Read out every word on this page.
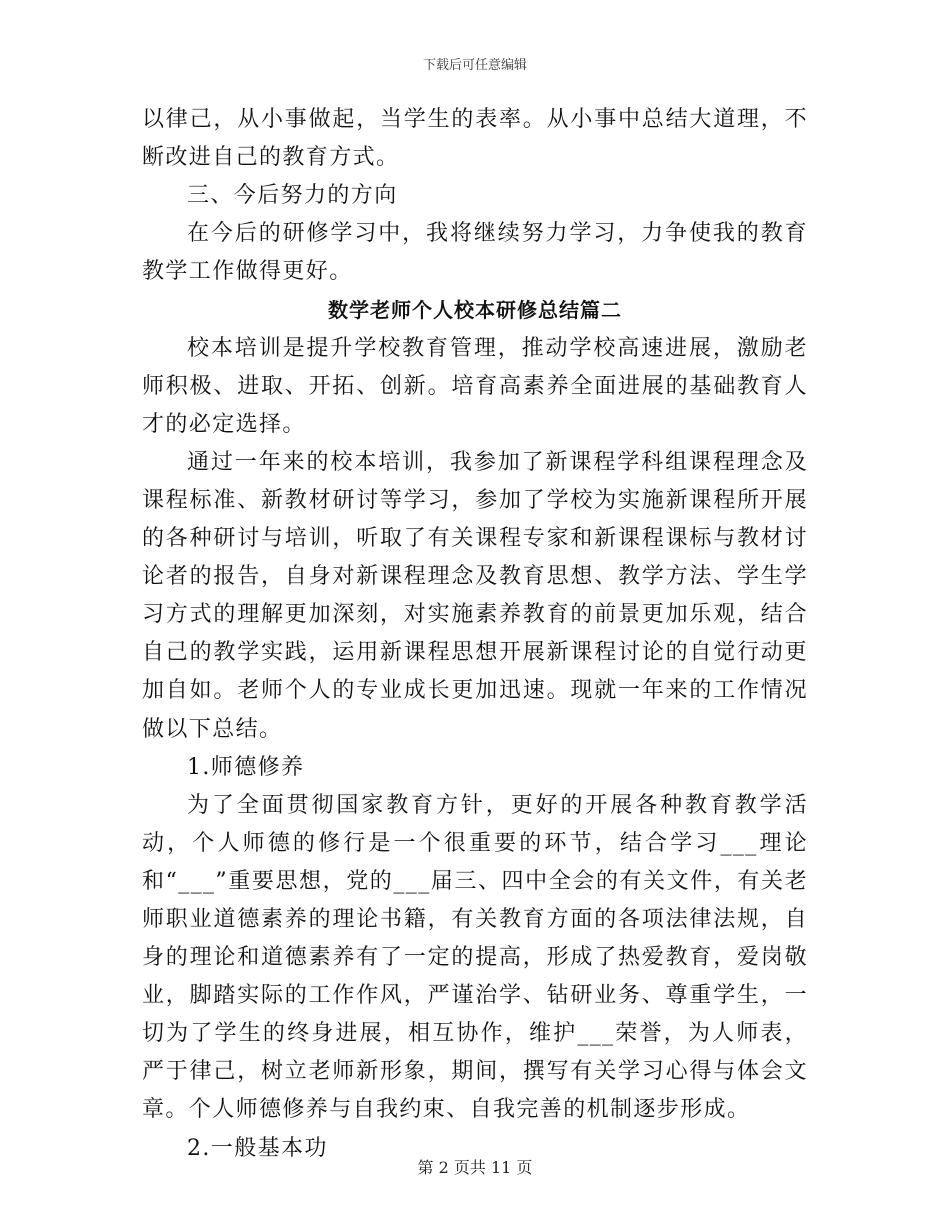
下载后可任意编辑

以律己，从小事做起，当学生的表率。从小事中总结大道理，不断改进自己的教育方式。

三、今后努力的方向

在今后的研修学习中，我将继续努力学习，力争使我的教育教学工作做得更好。

数学老师个人校本研修总结篇二

校本培训是提升学校教育管理，推动学校高速进展，激励老师积极、进取、开拓、创新。培育高素养全面进展的基础教育人才的必定选择。

通过一年来的校本培训，我参加了新课程学科组课程理念及课程标准、新教材研讨等学习，参加了学校为实施新课程所开展的各种研讨与培训，听取了有关课程专家和新课程课标与教材讨论者的报告，自身对新课程理念及教育思想、教学方法、学生学习方式的理解更加深刻，对实施素养教育的前景更加乐观，结合自己的教学实践，运用新课程思想开展新课程讨论的自觉行动更加自如。老师个人的专业成长更加迅速。现就一年来的工作情况做以下总结。

1.师德修养

为了全面贯彻国家教育方针，更好的开展各种教育教学活动，个人师德的修行是一个很重要的环节，结合学习___理论和“___”重要思想，党的___届三、四中全会的有关文件，有关老师职业道德素养的理论书籍，有关教育方面的各项法律法规，自身的理论和道德素养有了一定的提高，形成了热爱教育，爱岗敬业，脚踏实际的工作作风，严谨治学、钻研业务、尊重学生，一切为了学生的终身进展，相互协作，维护___荣誉，为人师表，严于律己，树立老师新形象，期间，撰写有关学习心得与体会文章。个人师德修养与自我约束、自我完善的机制逐步形成。

2.一般基本功

第 2 页共 11 页
